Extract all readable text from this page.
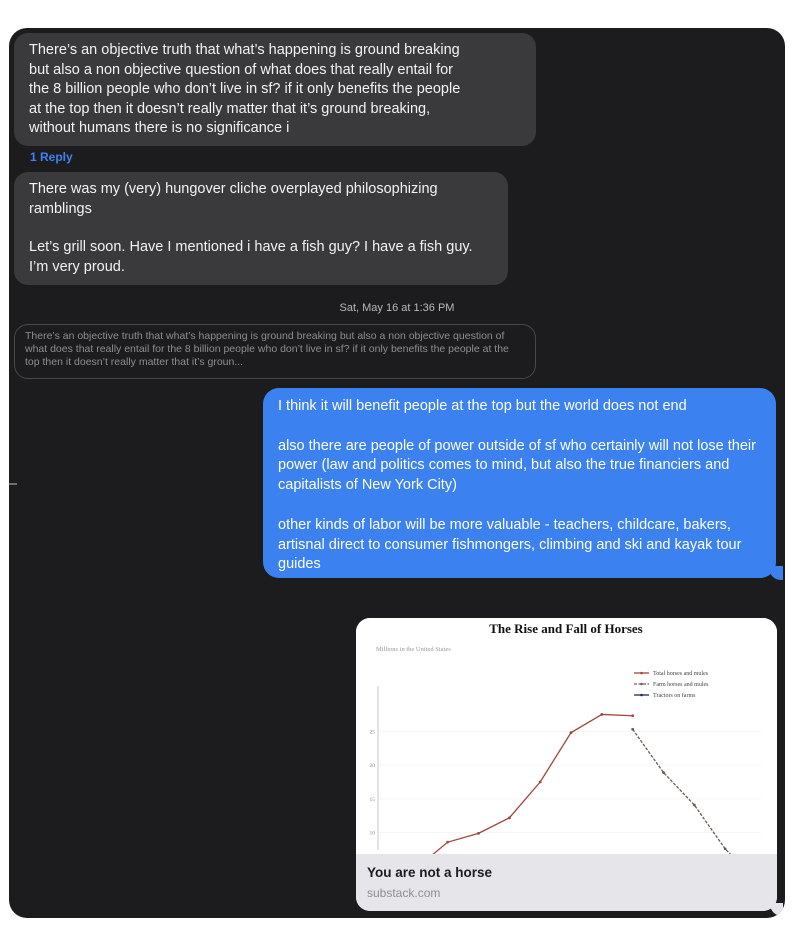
There’s an objective truth that what’s happening is ground breaking

but also a non objective question of what does that really entail for

the 8 billion people who don’t live in sf? if it only benefits the people

at the top then it doesn’t really matter that it’s ground breaking,

without humans there is no significance i

1 Reply

There was my (very) hungover cliche overplayed philosophizing ramblings

Let’s grill soon. Have I mentioned i have a fish guy? I have a fish guy. I’m very proud.

Sat, May 16 at 1:36 PM
There’s an objective truth that what’s happening is ground breaking but also a non objective question of what does that really entail for the 8 billion people who don’t live in sf? if it only benefits the people at the top then it doesn’t really matter that it’s groun...

I think it will benefit people at the top but the world does not end

also there are people of power outside of sf who certainly will not lose their power (law and politics comes to mind, but also the true financiers and capitalists of New York City)

other kinds of labor will be more valuable - teachers, childcare, bakers, artisnal direct to consumer fishmongers, climbing and ski and kayak tour guides

The Rise and Fall of Horses
Millions in the United States
10
15
20
25
Total horses and mules
Farm horses and mules
Tractors on farms
You are not a horse
substack.com
